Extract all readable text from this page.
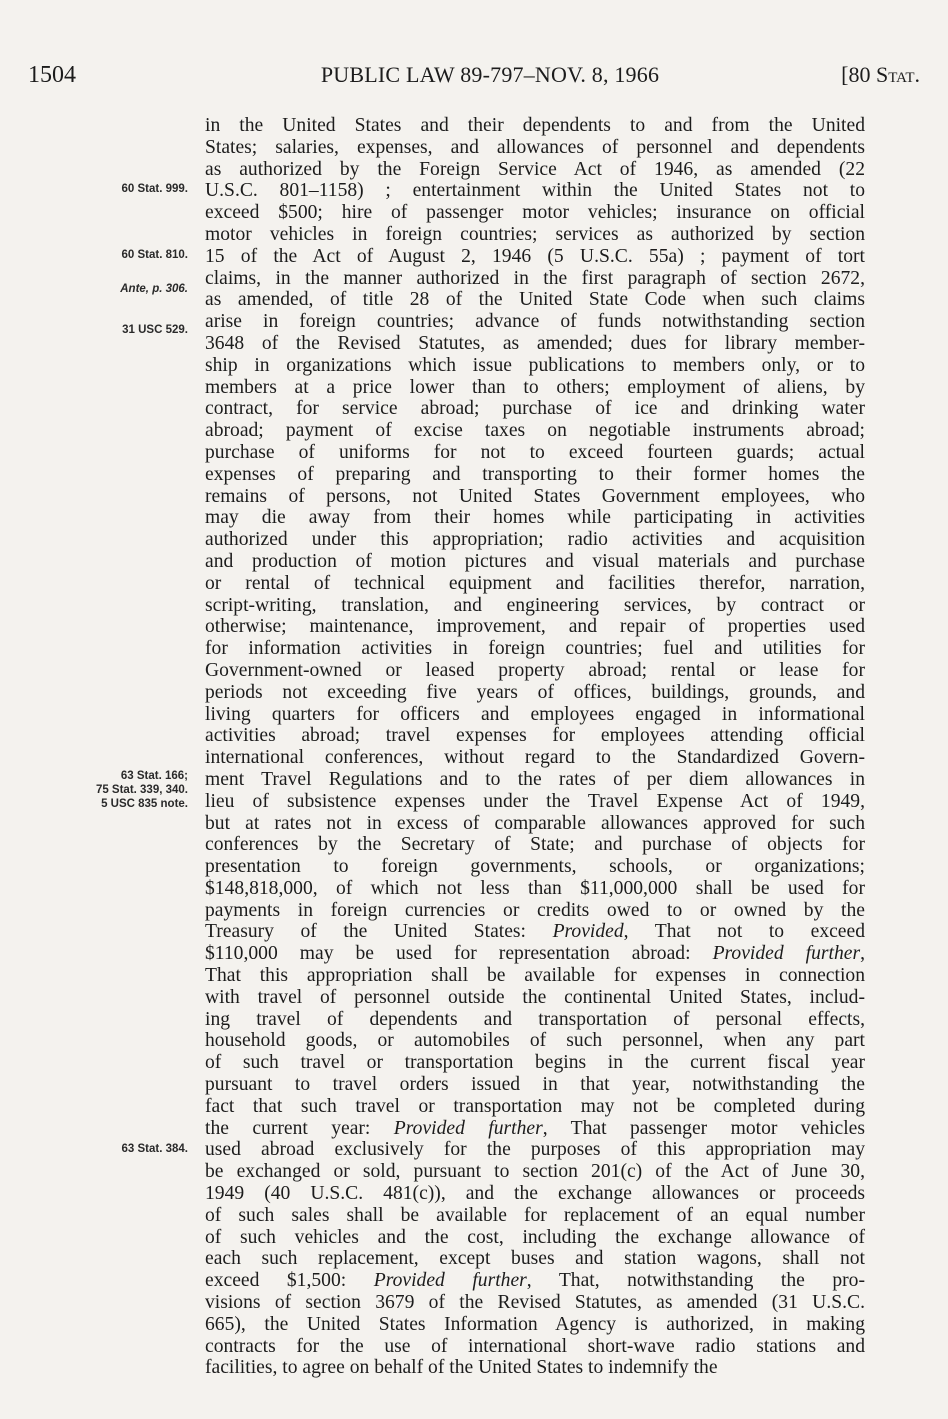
1504	PUBLIC LAW 89-797–NOV. 8, 1966	[80 Stat.
60 Stat. 999.
60 Stat. 810.
Ante, p. 306.
31 USC 529.
63 Stat. 166;
75 Stat. 339, 340.
5 USC 835 note.
63 Stat. 384.
in the United States and their dependents to and from the United
States; salaries, expenses, and allowances of personnel and dependents
as authorized by the Foreign Service Act of 1946, as amended (22
U.S.C. 801–1158) ; entertainment within the United States not to
exceed $500; hire of passenger motor vehicles; insurance on official
motor vehicles in foreign countries; services as authorized by section
15 of the Act of August 2, 1946 (5 U.S.C. 55a) ; payment of tort
claims, in the manner authorized in the first paragraph of section 2672,
as amended, of title 28 of the United State Code when such claims
arise in foreign countries; advance of funds notwithstanding section
3648 of the Revised Statutes, as amended; dues for library member-
ship in organizations which issue publications to members only, or to
members at a price lower than to others; employment of aliens, by
contract, for service abroad; purchase of ice and drinking water
abroad; payment of excise taxes on negotiable instruments abroad;
purchase of uniforms for not to exceed fourteen guards; actual
expenses of preparing and transporting to their former homes the
remains of persons, not United States Government employees, who
may die away from their homes while participating in activities
authorized under this appropriation; radio activities and acquisition
and production of motion pictures and visual materials and purchase
or rental of technical equipment and facilities therefor, narration,
script-writing, translation, and engineering services, by contract or
otherwise; maintenance, improvement, and repair of properties used
for information activities in foreign countries; fuel and utilities for
Government-owned or leased property abroad; rental or lease for
periods not exceeding five years of offices, buildings, grounds, and
living quarters for officers and employees engaged in informational
activities abroad; travel expenses for employees attending official
international conferences, without regard to the Standardized Govern-
ment Travel Regulations and to the rates of per diem allowances in
lieu of subsistence expenses under the Travel Expense Act of 1949,
but at rates not in excess of comparable allowances approved for such
conferences by the Secretary of State; and purchase of objects for
presentation to foreign governments, schools, or organizations;
$148,818,000, of which not less than $11,000,000 shall be used for
payments in foreign currencies or credits owed to or owned by the
Treasury of the United States: Provided, That not to exceed
$110,000 may be used for representation abroad: Provided further,
That this appropriation shall be available for expenses in connection
with travel of personnel outside the continental United States, includ-
ing travel of dependents and transportation of personal effects,
household goods, or automobiles of such personnel, when any part
of such travel or transportation begins in the current fiscal year
pursuant to travel orders issued in that year, notwithstanding the
fact that such travel or transportation may not be completed during
the current year: Provided further, That passenger motor vehicles
used abroad exclusively for the purposes of this appropriation may
be exchanged or sold, pursuant to section 201(c) of the Act of June 30,
1949 (40 U.S.C. 481(c)), and the exchange allowances or proceeds
of such sales shall be available for replacement of an equal number
of such vehicles and the cost, including the exchange allowance of
each such replacement, except buses and station wagons, shall not
exceed $1,500: Provided further, That, notwithstanding the pro-
visions of section 3679 of the Revised Statutes, as amended (31 U.S.C.
665), the United States Information Agency is authorized, in making
contracts for the use of international short-wave radio stations and
facilities, to agree on behalf of the United States to indemnify the
